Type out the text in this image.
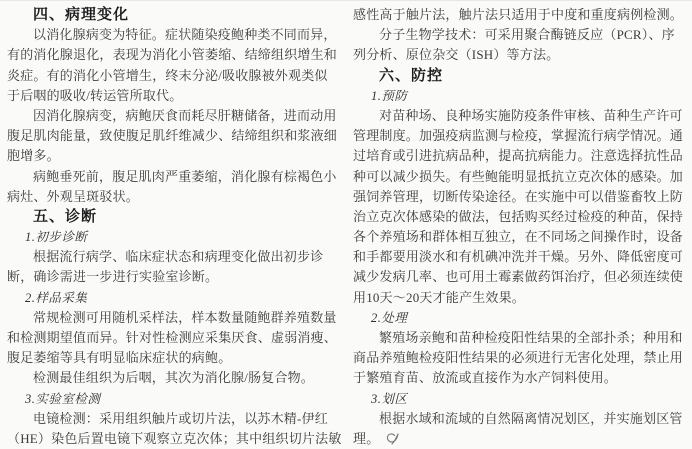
四、病理变化
以消化腺病变为特征。症状随染疫鲍种类不同而异，
有的消化腺退化，表现为消化小管萎缩、结缔组织增生和
炎症。有的消化小管增生，终末分泌/吸收腺被外观类似
于后咽的吸收/转运管所取代。
因消化腺病变，病鲍厌食而耗尽肝糖储备，进而动用
腹足肌肉能量，致使腹足肌纤维减少、结缔组织和浆液细
胞增多。
病鲍垂死前，腹足肌肉严重萎缩，消化腺有棕褐色小
病灶、外观呈斑驳状。
五、诊断
1.初步诊断
根据流行病学、临床症状态和病理变化做出初步诊
断，确诊需进一步进行实验室诊断。
2.样品采集
常规检测可用随机采样法，样本数量随鲍群养殖数量
和检测期望值而异。针对性检测应采集厌食、虚弱消瘦、
腹足萎缩等具有明显临床症状的病鲍。
检测最佳组织为后咽，其次为消化腺/肠复合物。
3.实验室检测
电镜检测：采用组织触片或切片法，以苏木精-伊红
（HE）染色后置电镜下观察立克次体；其中组织切片法敏
感性高于触片法，触片法只适用于中度和重度病例检测。
分子生物学技术：可采用聚合酶链反应（PCR）、序
列分析、原位杂交（ISH）等方法。
六、防控
1.预防
对苗种场、良种场实施防疫条件审核、苗种生产许可
管理制度。加强疫病监测与检疫，掌握流行病学情况。通
过培育或引进抗病品种，提高抗病能力。注意选择抗性品
种可以减少损失。有些鲍能明显抵抗立克次体的感染。加
强饲养管理，切断传染途径。在实施中可以借鉴畜牧上防
治立克次体感染的做法，包括购买经过检疫的种苗，保持
各个养殖场和群体相互独立，在不同场之间操作时，设备
和手都要用淡水和有机碘冲洗并干燥。另外、降低密度可
减少发病几率、也可用土霉素做药饵治疗，但必须连续使
用10天～20天才能产生效果。
2.处理
繁殖场亲鲍和苗种检疫阳性结果的全部扑杀；种用和
商品养殖鲍检疫阳性结果的必须进行无害化处理，禁止用
于繁殖育苗、放流或直接作为水产饲料使用。
3.划区
根据水域和流域的自然隔离情况划区，并实施划区管
理。
